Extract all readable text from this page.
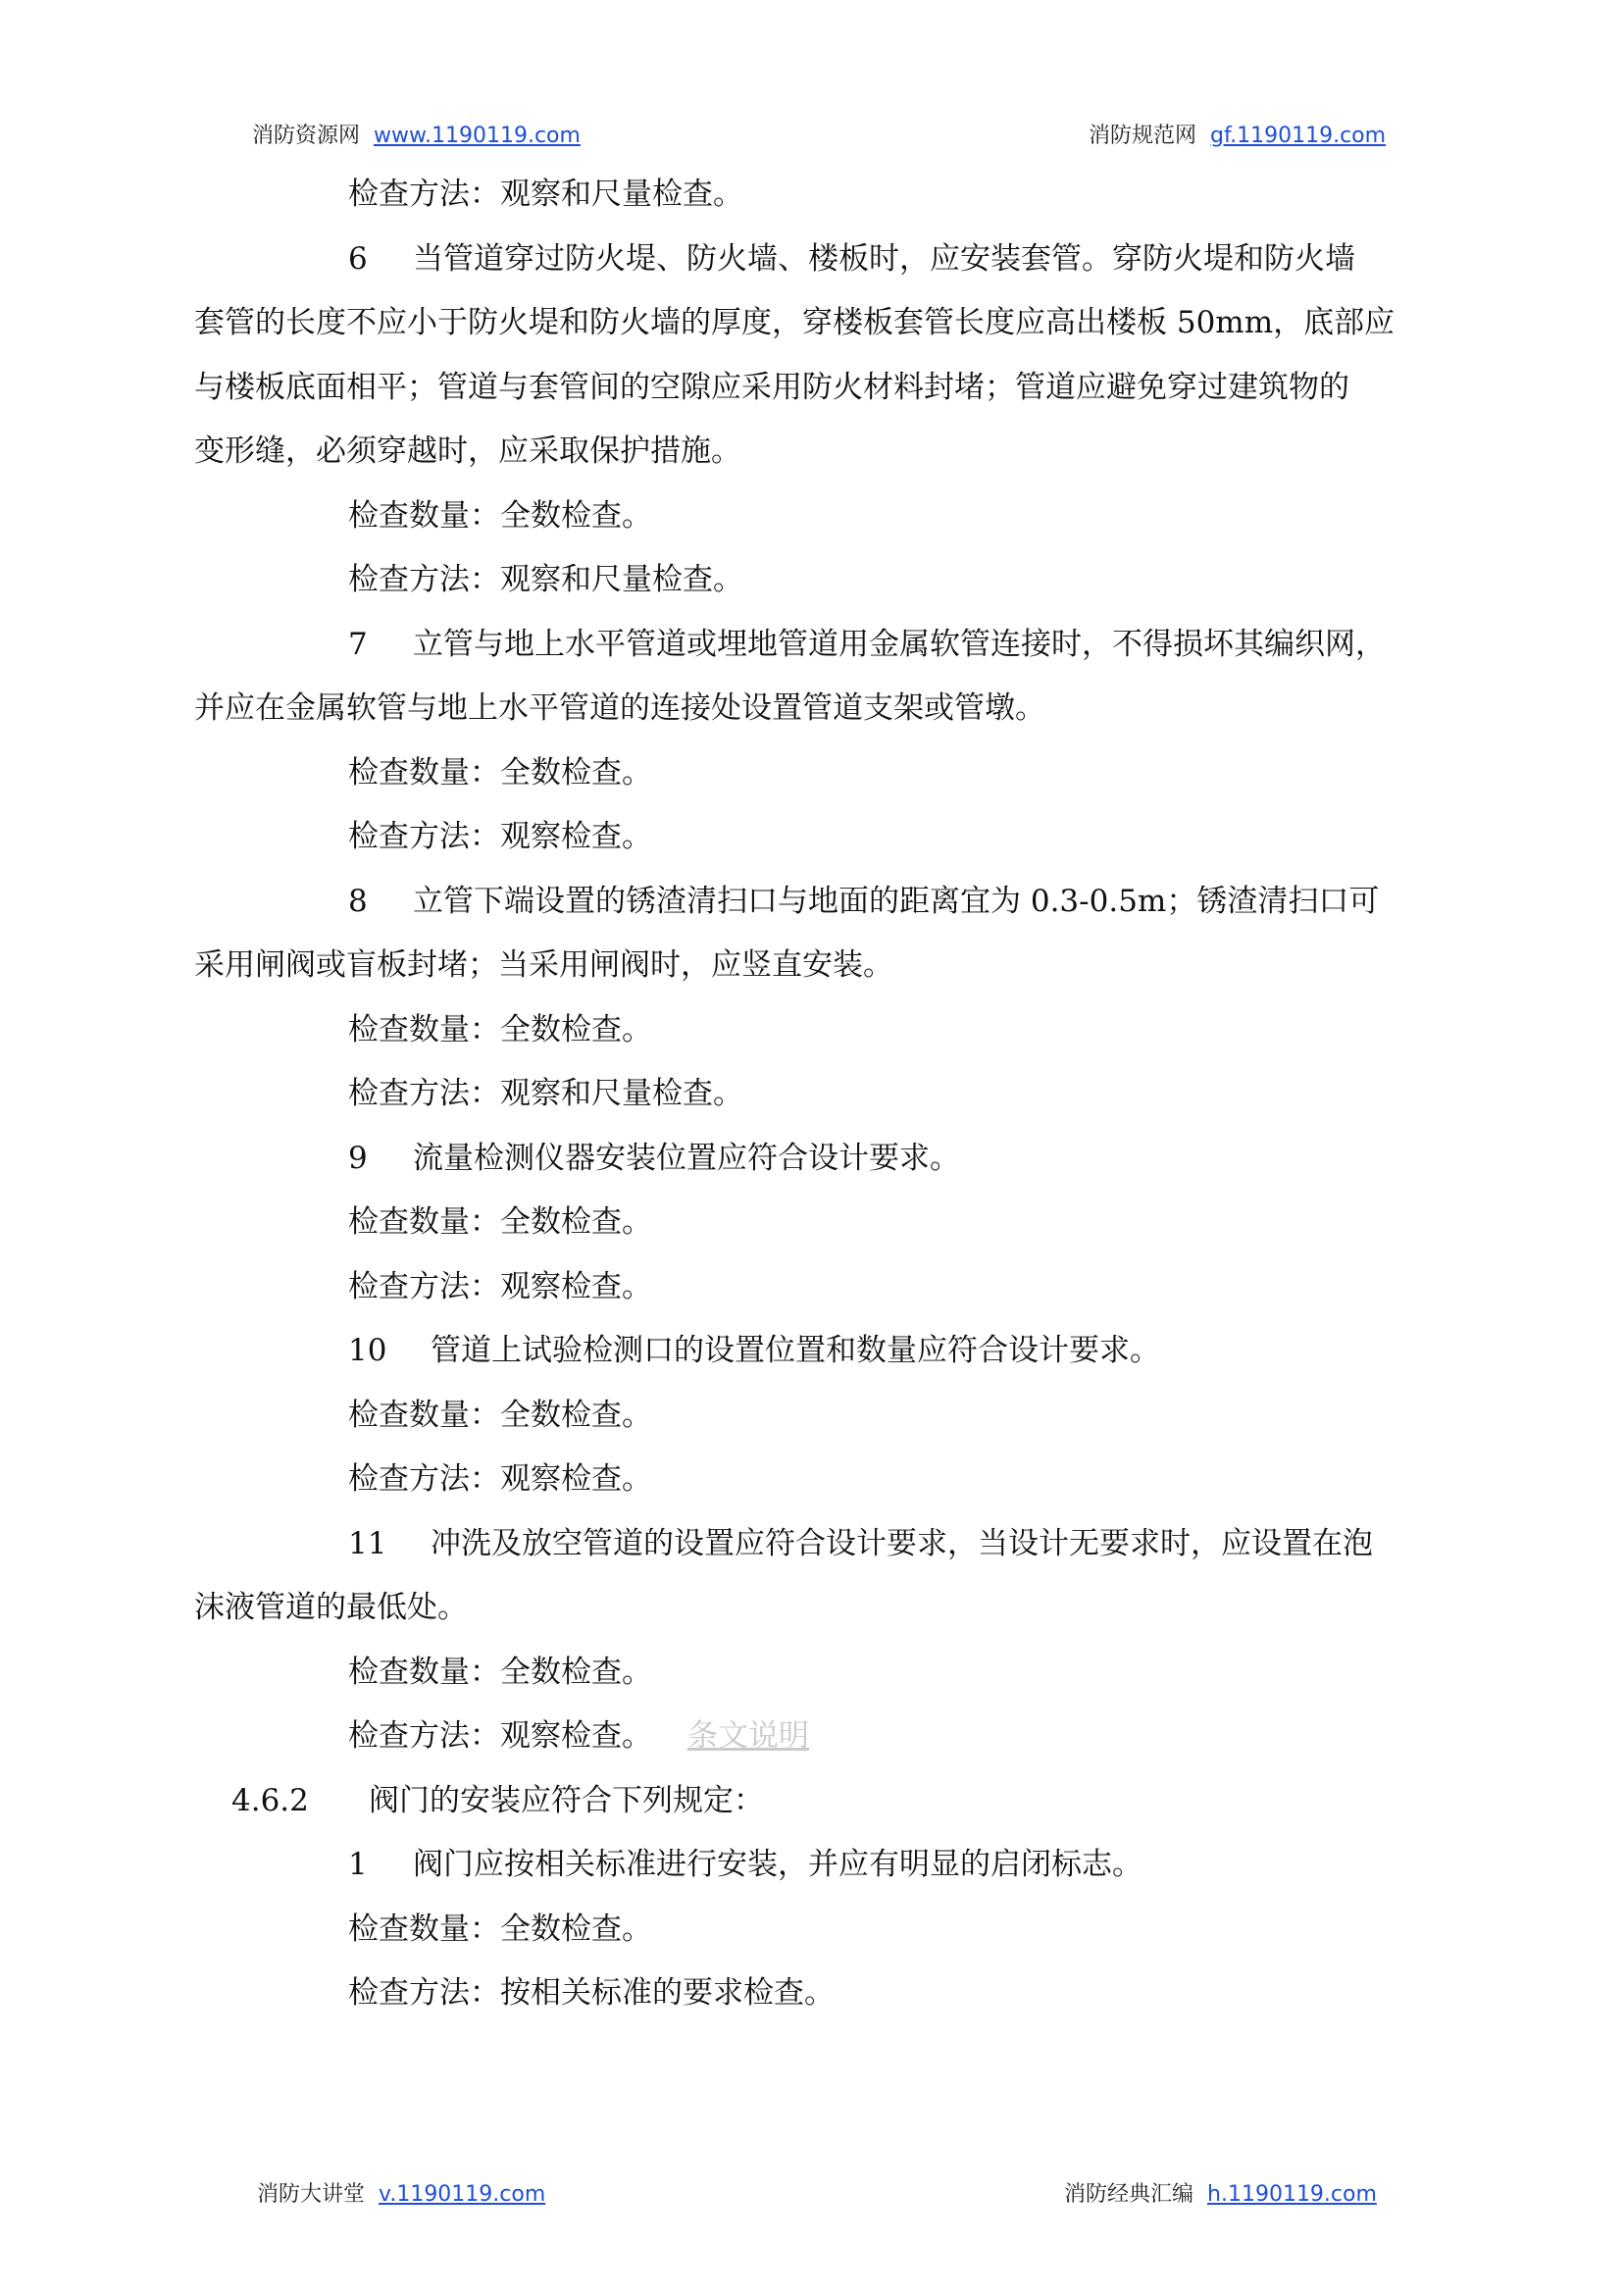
消防资源网 www.1190119.com	消防规范网 gf.1190119.com
检查方法：观察和尺量检查。
6 当管道穿过防火堤、防火墙、楼板时，应安装套管。穿防火堤和防火墙
套管的长度不应小于防火堤和防火墙的厚度，穿楼板套管长度应高出楼板 50mm，底部应
与楼板底面相平；管道与套管间的空隙应采用防火材料封堵；管道应避免穿过建筑物的
变形缝，必须穿越时，应采取保护措施。
检查数量：全数检查。
检查方法：观察和尺量检查。
7 立管与地上水平管道或埋地管道用金属软管连接时，不得损坏其编织网，
并应在金属软管与地上水平管道的连接处设置管道支架或管墩。
检查数量：全数检查。
检查方法：观察检查。
8 立管下端设置的锈渣清扫口与地面的距离宜为 0.3-0.5m；锈渣清扫口可
采用闸阀或盲板封堵；当采用闸阀时，应竖直安装。
检查数量：全数检查。
检查方法：观察和尺量检查。
9 流量检测仪器安装位置应符合设计要求。
检查数量：全数检查。
检查方法：观察检查。
10 管道上试验检测口的设置位置和数量应符合设计要求。
检查数量：全数检查。
检查方法：观察检查。
11 冲洗及放空管道的设置应符合设计要求，当设计无要求时，应设置在泡
沫液管道的最低处。
检查数量：全数检查。
检查方法：观察检查。 条文说明
4.6.2 阀门的安装应符合下列规定：
1 阀门应按相关标准进行安装，并应有明显的启闭标志。
检查数量：全数检查。
检查方法：按相关标准的要求检查。
消防大讲堂 v.1190119.com	消防经典汇编 h.1190119.com
